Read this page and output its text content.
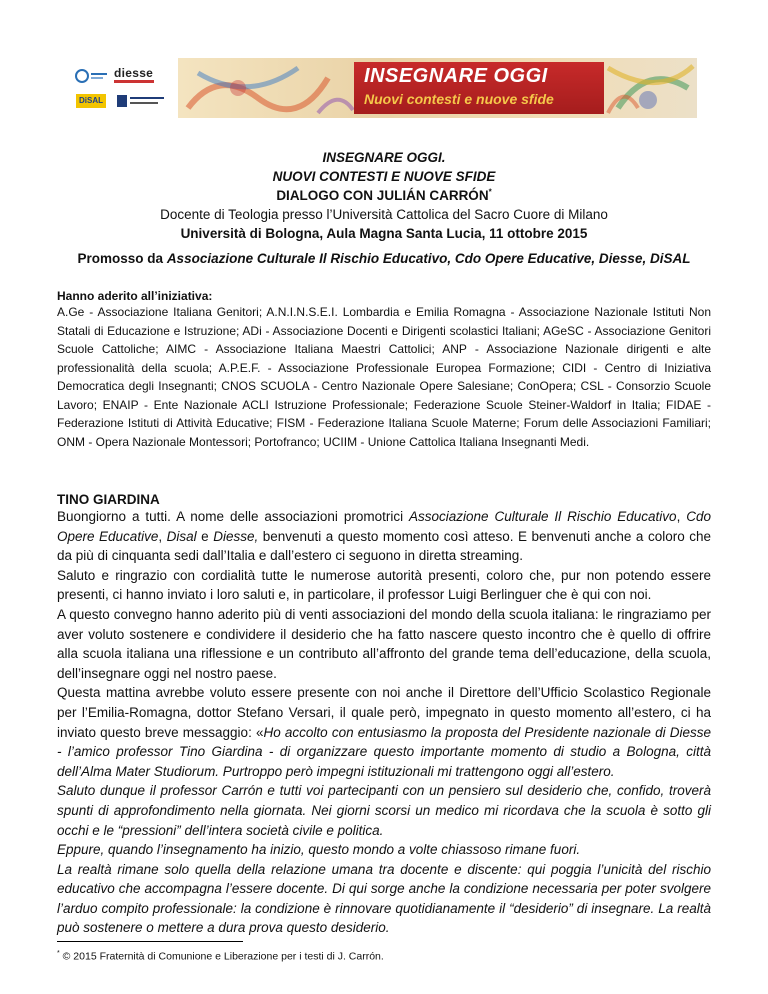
diesse
DiSAL
INSEGNARE OGGI
Nuovi contesti e nuove sfide
INSEGNARE OGGI.
NUOVI CONTESTI E NUOVE SFIDE
DIALOGO CON JULIÁN CARRÓN*
Docente di Teologia presso l’Università Cattolica del Sacro Cuore di Milano
Università di Bologna, Aula Magna Santa Lucia, 11 ottobre 2015
Promosso da Associazione Culturale Il Rischio Educativo, Cdo Opere Educative, Diesse, DiSAL

Hanno aderito all’iniziativa:

A.Ge - Associazione Italiana Genitori; A.N.I.N.S.E.I. Lombardia e Emilia Romagna - Associazione Nazionale Istituti Non Statali di Educazione e Istruzione; ADi - Associazione Docenti e Dirigenti scolastici Italiani; AGeSC - Associazione Genitori Scuole Cattoliche; AIMC - Associazione Italiana Maestri Cattolici; ANP - Associazione Nazionale dirigenti e alte professionalità della scuola; A.P.E.F. - Associazione Professionale Europea Formazione; CIDI - Centro di Iniziativa Democratica degli Insegnanti; CNOS SCUOLA - Centro Nazionale Opere Salesiane; ConOpera; CSL - Consorzio Scuole Lavoro; ENAIP - Ente Nazionale ACLI Istruzione Professionale; Federazione Scuole Steiner-Waldorf in Italia; FIDAE - Federazione Istituti di Attività Educative; FISM - Federazione Italiana Scuole Materne; Forum delle Associazioni Familiari; ONM - Opera Nazionale Montessori; Portofranco; UCIIM - Unione Cattolica Italiana Insegnanti Medi.

TINO GIARDINA

Buongiorno a tutti. A nome delle associazioni promotrici Associazione Culturale Il Rischio Educativo, Cdo Opere Educative, Disal e Diesse, benvenuti a questo momento così atteso. E benvenuti anche a coloro che da più di cinquanta sedi dall’Italia e dall’estero ci seguono in diretta streaming.

Saluto e ringrazio con cordialità tutte le numerose autorità presenti, coloro che, pur non potendo essere presenti, ci hanno inviato i loro saluti e, in particolare, il professor Luigi Berlinguer che è qui con noi.

A questo convegno hanno aderito più di venti associazioni del mondo della scuola italiana: le ringraziamo per aver voluto sostenere e condividere il desiderio che ha fatto nascere questo incontro che è quello di offrire alla scuola italiana una riflessione e un contributo all’affronto del grande tema dell’educazione, della scuola, dell’insegnare oggi nel nostro paese.

Questa mattina avrebbe voluto essere presente con noi anche il Direttore dell’Ufficio Scolastico Regionale per l’Emilia-Romagna, dottor Stefano Versari, il quale però, impegnato in questo momento all’estero, ci ha inviato questo breve messaggio: «Ho accolto con entusiasmo la proposta del Presidente nazionale di Diesse - l’amico professor Tino Giardina - di organizzare questo importante momento di studio a Bologna, città dell’Alma Mater Studiorum. Purtroppo però impegni istituzionali mi trattengono oggi all’estero.

Saluto dunque il professor Carrón e tutti voi partecipanti con un pensiero sul desiderio che, confido, troverà spunti di approfondimento nella giornata. Nei giorni scorsi un medico mi ricordava che la scuola è sotto gli occhi e le “pressioni” dell’intera società civile e politica.

Eppure, quando l’insegnamento ha inizio, questo mondo a volte chiassoso rimane fuori.

La realtà rimane solo quella della relazione umana tra docente e discente: qui poggia l’unicità del rischio educativo che accompagna l’essere docente. Di qui sorge anche la condizione necessaria per poter svolgere l’arduo compito professionale: la condizione è rinnovare quotidianamente il “desiderio” di insegnare. La realtà può sostenere o mettere a dura prova questo desiderio.

* © 2015 Fraternità di Comunione e Liberazione per i testi di J. Carrón.
